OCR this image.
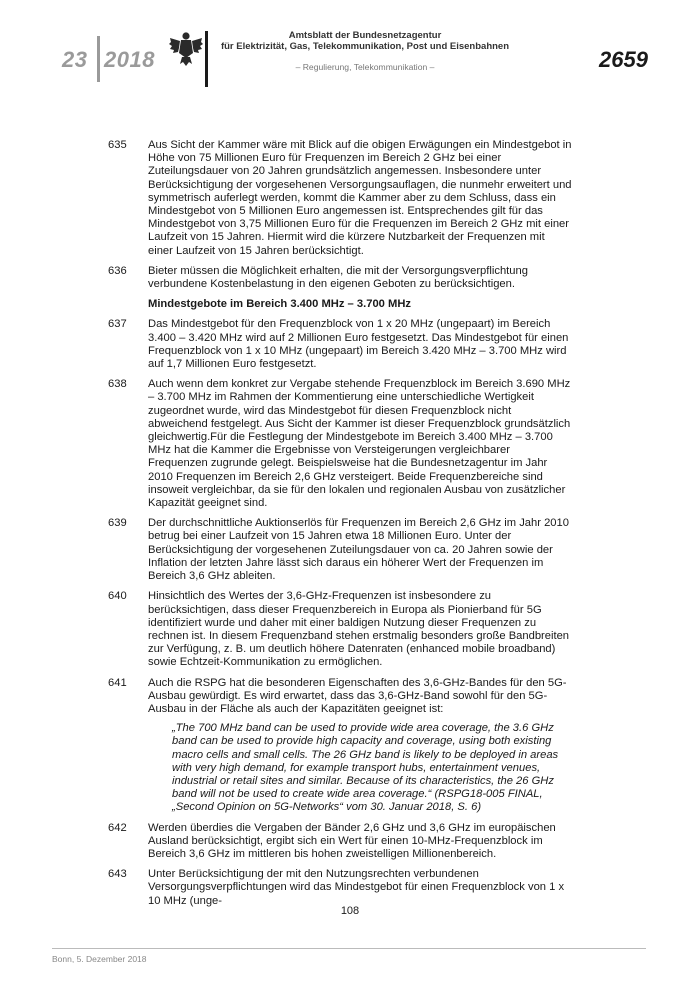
23 2018
Amtsblatt der Bundesnetzagentur
für Elektrizität, Gas, Telekommunikation, Post und Eisenbahnen
– Regulierung, Telekommunikation –	2659
635	Aus Sicht der Kammer wäre mit Blick auf die obigen Erwägungen ein Mindestgebot in Höhe von 75 Millionen Euro für Frequenzen im Bereich 2 GHz bei einer Zuteilungsdauer von 20 Jahren grundsätzlich angemessen. Insbesondere unter Berücksichtigung der vorgesehenen Versorgungsauflagen, die nunmehr erweitert und symmetrisch auferlegt werden, kommt die Kammer aber zu dem Schluss, dass ein Mindestgebot von 5 Millionen Euro angemessen ist. Entsprechendes gilt für das Mindestgebot von 3,75 Millionen Euro für die Frequenzen im Bereich 2 GHz mit einer Laufzeit von 15 Jahren. Hiermit wird die kürzere Nutzbarkeit der Frequenzen mit einer Laufzeit von 15 Jahren berücksichtigt.
636	Bieter müssen die Möglichkeit erhalten, die mit der Versorgungsverpflichtung verbundene Kostenbelastung in den eigenen Geboten zu berücksichtigen.
Mindestgebote im Bereich 3.400 MHz – 3.700 MHz
637	Das Mindestgebot für den Frequenzblock von 1 x 20 MHz (ungepaart) im Bereich 3.400 – 3.420 MHz wird auf 2 Millionen Euro festgesetzt. Das Mindestgebot für einen Frequenzblock von 1 x 10 MHz (ungepaart) im Bereich 3.420 MHz – 3.700 MHz wird auf 1,7 Millionen Euro festgesetzt.
638	Auch wenn dem konkret zur Vergabe stehende Frequenzblock im Bereich 3.690 MHz – 3.700 MHz im Rahmen der Kommentierung eine unterschiedliche Wertigkeit zugeordnet wurde, wird das Mindestgebot für diesen Frequenzblock nicht abweichend festgelegt. Aus Sicht der Kammer ist dieser Frequenzblock grundsätzlich gleichwertig.Für die Festlegung der Mindestgebote im Bereich 3.400 MHz – 3.700 MHz hat die Kammer die Ergebnisse von Versteigerungen vergleichbarer Frequenzen zugrunde gelegt. Beispielsweise hat die Bundesnetzagentur im Jahr 2010 Frequenzen im Bereich 2,6 GHz versteigert. Beide Frequenzbereiche sind insoweit vergleichbar, da sie für den lokalen und regionalen Ausbau von zusätzlicher Kapazität geeignet sind.
639	Der durchschnittliche Auktionserlös für Frequenzen im Bereich 2,6 GHz im Jahr 2010 betrug bei einer Laufzeit von 15 Jahren etwa 18 Millionen Euro. Unter der Berücksichtigung der vorgesehenen Zuteilungsdauer von ca. 20 Jahren sowie der Inflation der letzten Jahre lässt sich daraus ein höherer Wert der Frequenzen im Bereich 3,6 GHz ableiten.
640	Hinsichtlich des Wertes der 3,6-GHz-Frequenzen ist insbesondere zu berücksichtigen, dass dieser Frequenzbereich in Europa als Pionierband für 5G identifiziert wurde und daher mit einer baldigen Nutzung dieser Frequenzen zu rechnen ist. In diesem Frequenzband stehen erstmalig besonders große Bandbreiten zur Verfügung, z. B. um deutlich höhere Datenraten (enhanced mobile broadband) sowie Echtzeit-Kommunikation zu ermöglichen.
641	Auch die RSPG hat die besonderen Eigenschaften des 3,6-GHz-Bandes für den 5G-Ausbau gewürdigt. Es wird erwartet, dass das 3,6-GHz-Band sowohl für den 5G-Ausbau in der Fläche als auch der Kapazitäten geeignet ist:
„The 700 MHz band can be used to provide wide area coverage, the 3.6 GHz band can be used to provide high capacity and coverage, using both existing macro cells and small cells. The 26 GHz band is likely to be deployed in areas with very high demand, for example transport hubs, entertainment venues, industrial or retail sites and similar. Because of its characteristics, the 26 GHz band will not be used to create wide area coverage.“ (RSPG18-005 FINAL, „Second Opinion on 5G-Networks“ vom 30. Januar 2018, S. 6)
642	Werden überdies die Vergaben der Bänder 2,6 GHz und 3,6 GHz im europäischen Ausland berücksichtigt, ergibt sich ein Wert für einen 10-MHz-Frequenzblock im Bereich 3,6 GHz im mittleren bis hohen zweistelligen Millionenbereich.
643	Unter Berücksichtigung der mit den Nutzungsrechten verbundenen Versorgungsverpflichtungen wird das Mindestgebot für einen Frequenzblock von 1 x 10 MHz (unge-
108
Bonn, 5. Dezember 2018
